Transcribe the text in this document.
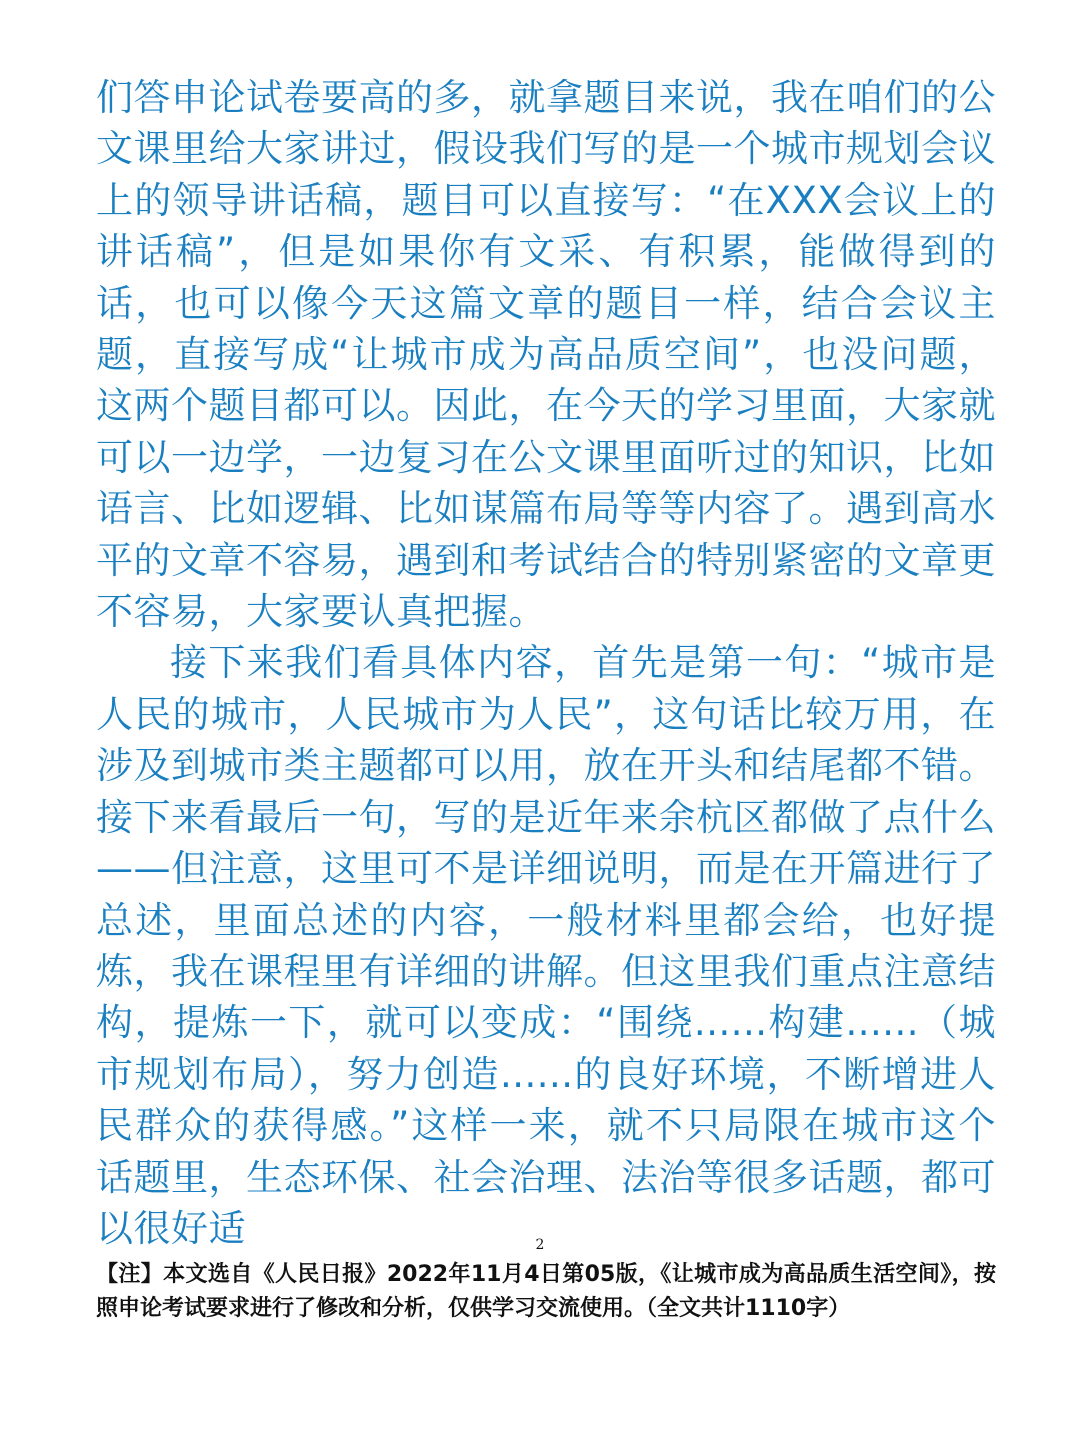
们答申论试卷要高的多，就拿题目来说，我在咱们的公文课里给大家讲过，假设我们写的是一个城市规划会议上的领导讲话稿，题目可以直接写：“在XXX会议上的讲话稿”，但是如果你有文采、有积累，能做得到的话，也可以像今天这篇文章的题目一样，结合会议主题，直接写成“让城市成为高品质空间”，也没问题，这两个题目都可以。因此，在今天的学习里面，大家就可以一边学，一边复习在公文课里面听过的知识，比如语言、比如逻辑、比如谋篇布局等等内容了。遇到高水平的文章不容易，遇到和考试结合的特别紧密的文章更不容易，大家要认真把握。

接下来我们看具体内容，首先是第一句：“城市是人民的城市，人民城市为人民”，这句话比较万用，在涉及到城市类主题都可以用，放在开头和结尾都不错。接下来看最后一句，写的是近年来余杭区都做了点什么——但注意，这里可不是详细说明，而是在开篇进行了总述，里面总述的内容，一般材料里都会给，也好提炼，我在课程里有详细的讲解。但这里我们重点注意结构，提炼一下，就可以变成：“围绕......构建......（城市规划布局），努力创造......的良好环境，不断增进人民群众的获得感。”这样一来，就不只局限在城市这个话题里，生态环保、社会治理、法治等很多话题，都可以很好适	2
【注】本文选自《人民日报》2022年11月4日第05版，《让城市成为高品质生活空间》，按照申论考试要求进行了修改和分析，仅供学习交流使用。（全文共计1110字）
